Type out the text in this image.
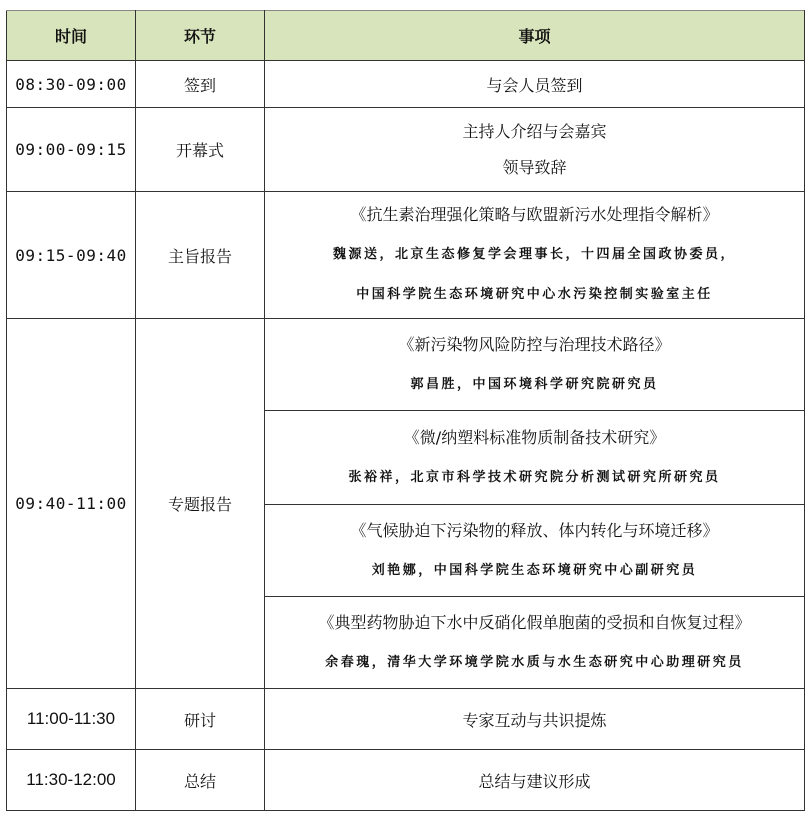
时间	环节	事项
08:30-09:00	签到	与会人员签到
09:00-09:15	开幕式	主持人介绍与会嘉宾
领导致辞

09:15-09:40	主旨报告	《抗生素治理强化策略与欧盟新污水处理指令解析》
魏源送，北京生态修复学会理事长，十四届全国政协委员，
中国科学院生态环境研究中心水污染控制实验室主任

09:40-11:00	专题报告	《新污染物风险防控与治理技术路径》
郭昌胜，中国环境科学研究院研究员

		《微/纳塑料标准物质制备技术研究》
张裕祥，北京市科学技术研究院分析测试研究所研究员

		《气候胁迫下污染物的释放、体内转化与环境迁移》
刘艳娜，中国科学院生态环境研究中心副研究员

		《典型药物胁迫下水中反硝化假单胞菌的受损和自恢复过程》
余春瑰，清华大学环境学院水质与水生态研究中心助理研究员

11:00-11:30	研讨	专家互动与共识提炼
11:30-12:00	总结	总结与建议形成
